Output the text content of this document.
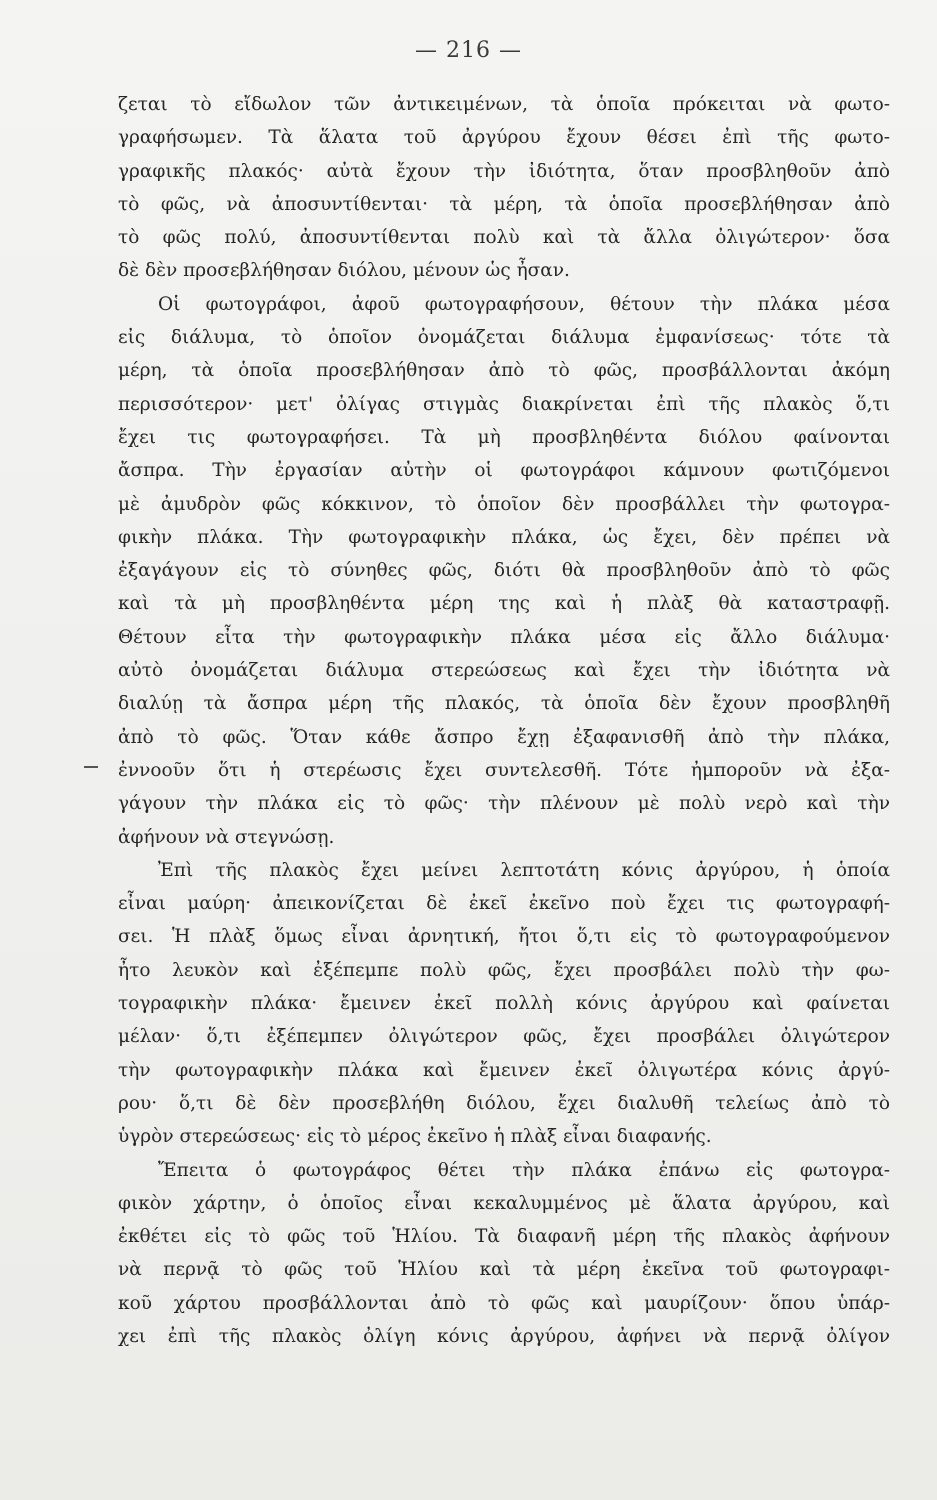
— 216 —
ζεται τὸ εἴδωλον τῶν ἀντικειμένων, τὰ ὁποῖα πρόκειται νὰ φωτο-
γραφήσωμεν. Τὰ ἅλατα τοῦ ἀργύρου ἔχουν θέσει ἐπὶ τῆς φωτο-
γραφικῆς πλακός· αὐτὰ ἔχουν τὴν ἰδιότητα, ὅταν προσβληθοῦν ἀπὸ
τὸ φῶς, νὰ ἀποσυντίθενται· τὰ μέρη, τὰ ὁποῖα προσεβλήθησαν ἀπὸ
τὸ φῶς πολύ, ἀποσυντίθενται πολὺ καὶ τὰ ἄλλα ὀλιγώτερον· ὅσα
δὲ δὲν προσεβλήθησαν διόλου, μένουν ὡς ἦσαν.
Οἱ φωτογράφοι, ἀφοῦ φωτογραφήσουν, θέτουν τὴν πλάκα μέσα
εἰς διάλυμα, τὸ ὁποῖον ὀνομάζεται διάλυμα ἐμφανίσεως· τότε τὰ
μέρη, τὰ ὁποῖα προσεβλήθησαν ἀπὸ τὸ φῶς, προσβάλλονται ἀκόμη
περισσότερον· μετ' ὀλίγας στιγμὰς διακρίνεται ἐπὶ τῆς πλακὸς ὅ,τι
ἔχει τις φωτογραφήσει. Τὰ μὴ προσβληθέντα διόλου φαίνονται
ἄσπρα. Τὴν ἐργασίαν αὐτὴν οἱ φωτογράφοι κάμνουν φωτιζόμενοι
μὲ ἀμυδρὸν φῶς κόκκινον, τὸ ὁποῖον δὲν προσβάλλει τὴν φωτογρα-
φικὴν πλάκα. Τὴν φωτογραφικὴν πλάκα, ὡς ἔχει, δὲν πρέπει νὰ
ἐξαγάγουν εἰς τὸ σύνηθες φῶς, διότι θὰ προσβληθοῦν ἀπὸ τὸ φῶς
καὶ τὰ μὴ προσβληθέντα μέρη της καὶ ἡ πλὰξ θὰ καταστραφῇ.
Θέτουν εἶτα τὴν φωτογραφικὴν πλάκα μέσα εἰς ἄλλο διάλυμα·
αὐτὸ ὀνομάζεται διάλυμα στερεώσεως καὶ ἔχει τὴν ἰδιότητα νὰ
διαλύῃ τὰ ἄσπρα μέρη τῆς πλακός, τὰ ὁποῖα δὲν ἔχουν προσβληθῆ
ἀπὸ τὸ φῶς. Ὅταν κάθε ἄσπρο ἔχῃ ἐξαφανισθῆ ἀπὸ τὴν πλάκα,
ἐννοοῦν ὅτι ἡ στερέωσις ἔχει συντελεσθῆ. Τότε ἠμποροῦν νὰ ἐξα-
γάγουν τὴν πλάκα εἰς τὸ φῶς· τὴν πλένουν μὲ πολὺ νερὸ καὶ τὴν
ἀφήνουν νὰ στεγνώσῃ.
Ἐπὶ τῆς πλακὸς ἔχει μείνει λεπτοτάτη κόνις ἀργύρου, ἡ ὁποία
εἶναι μαύρη· ἀπεικονίζεται δὲ ἐκεῖ ἐκεῖνο ποὺ ἔχει τις φωτογραφή-
σει. Ἡ πλὰξ ὅμως εἶναι ἀρνητική, ἤτοι ὅ,τι εἰς τὸ φωτογραφούμενον
ἦτο λευκὸν καὶ ἐξέπεμπε πολὺ φῶς, ἔχει προσβάλει πολὺ τὴν φω-
τογραφικὴν πλάκα· ἔμεινεν ἐκεῖ πολλὴ κόνις ἀργύρου καὶ φαίνεται
μέλαν· ὅ,τι ἐξέπεμπεν ὀλιγώτερον φῶς, ἔχει προσβάλει ὀλιγώτερον
τὴν φωτογραφικὴν πλάκα καὶ ἔμεινεν ἐκεῖ ὀλιγωτέρα κόνις ἀργύ-
ρου· ὅ,τι δὲ δὲν προσεβλήθη διόλου, ἔχει διαλυθῆ τελείως ἀπὸ τὸ
ὑγρὸν στερεώσεως· εἰς τὸ μέρος ἐκεῖνο ἡ πλὰξ εἶναι διαφανής.
Ἔπειτα ὁ φωτογράφος θέτει τὴν πλάκα ἐπάνω εἰς φωτογρα-
φικὸν χάρτην, ὁ ὁποῖος εἶναι κεκαλυμμένος μὲ ἅλατα ἀργύρου, καὶ
ἐκθέτει εἰς τὸ φῶς τοῦ Ἡλίου. Τὰ διαφανῆ μέρη τῆς πλακὸς ἀφήνουν
νὰ περνᾷ τὸ φῶς τοῦ Ἡλίου καὶ τὰ μέρη ἐκεῖνα τοῦ φωτογραφι-
κοῦ χάρτου προσβάλλονται ἀπὸ τὸ φῶς καὶ μαυρίζουν· ὅπου ὑπάρ-
χει ἐπὶ τῆς πλακὸς ὀλίγη κόνις ἀργύρου, ἀφήνει νὰ περνᾷ ὀλίγον
